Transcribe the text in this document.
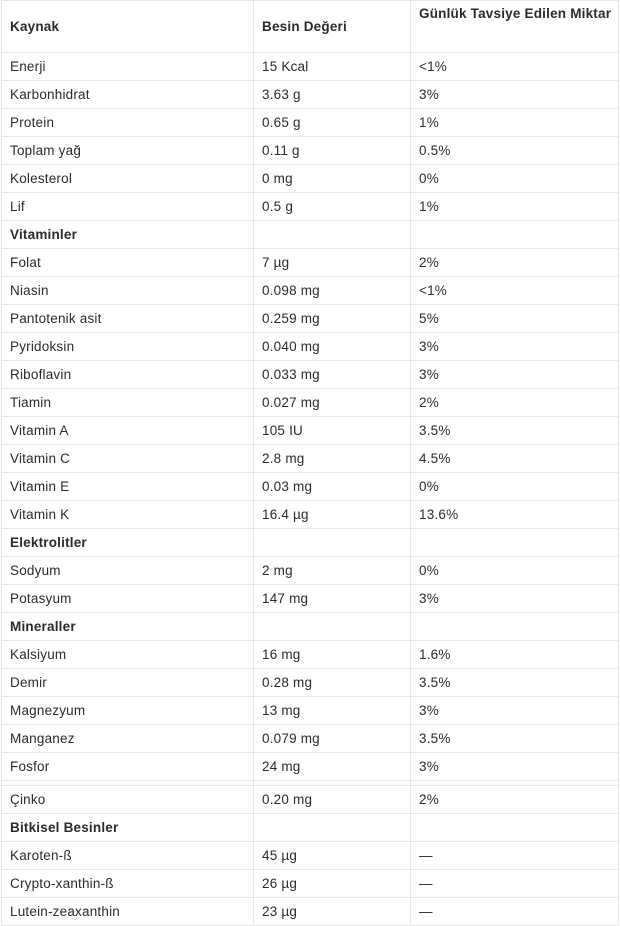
Kaynak	Besin Değeri	Günlük Tavsiye Edilen Miktar
Enerji	15 Kcal	<1%
Karbonhidrat	3.63 g	3%
Protein	0.65 g	1%
Toplam yağ	0.11 g	0.5%
Kolesterol	0 mg	0%
Lif	0.5 g	1%
Vitaminler		
Folat	7 µg	2%
Niasin	0.098 mg	<1%
Pantotenik asit	0.259 mg	5%
Pyridoksin	0.040 mg	3%
Riboflavin	0.033 mg	3%
Tiamin	0.027 mg	2%
Vitamin A	105 IU	3.5%
Vitamin C	2.8 mg	4.5%
Vitamin E	0.03 mg	0%
Vitamin K	16.4 µg	13.6%
Elektrolitler		
Sodyum	2 mg	0%
Potasyum	147 mg	3%
Mineraller		
Kalsiyum	16 mg	1.6%
Demir	0.28 mg	3.5%
Magnezyum	13 mg	3%
Manganez	0.079 mg	3.5%
Fosfor	24 mg	3%

Çinko	0.20 mg	2%
Bitkisel Besinler		
Karoten-ß	45 µg	—
Crypto-xanthin-ß	26 µg	—
Lutein-zeaxanthin	23 µg	—
